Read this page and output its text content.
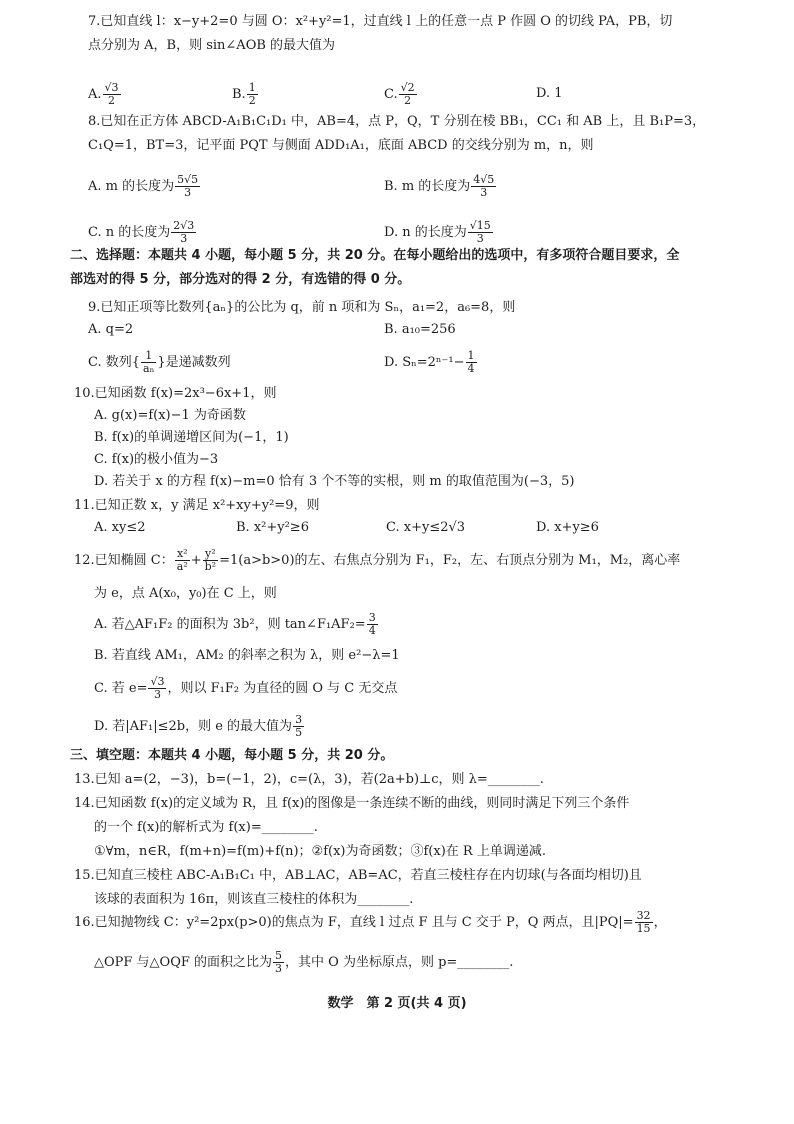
7.已知直线 l：x−y+2=0 与圆 O：x²+y²=1，过直线 l 上的任意一点 P 作圆 O 的切线 PA，PB，切
点分别为 A，B，则 sin∠AOB 的最大值为
A. $\frac{√3}{2}$	B. $\frac{1}{2}$	C. $\frac{√2}{2}$	D. 1
8.已知在正方体 ABCD-A₁B₁C₁D₁ 中，AB=4，点 P，Q，T 分别在棱 BB₁，CC₁ 和 AB 上，且 B₁P=3，
C₁Q=1，BT=3，记平面 PQT 与侧面 ADD₁A₁，底面 ABCD 的交线分别为 m，n，则
A. m 的长度为 $\frac{5√5}{3}$	B. m 的长度为 $\frac{4√5}{3}$
C. n 的长度为 $\frac{2√3}{3}$	D. n 的长度为 $\frac{√15}{3}$
二、选择题：本题共 4 小题，每小题 5 分，共 20 分。在每小题给出的选项中，有多项符合题目要求，全
部选对的得 5 分，部分选对的得 2 分，有选错的得 0 分。
9.已知正项等比数列{aₙ}的公比为 q，前 n 项和为 Sₙ，a₁=2，a₆=8，则
A. q=2	B. a₁₀=256
C. 数列{ $\frac{1}{\text{aₙ}}$ }是递减数列	D. $S_n=2^{n-1}- \frac{1}{4}$
10.已知函数 f(x)=2x³−6x+1，则
A. g(x)=f(x)−1 为奇函数
B. f(x)的单调递增区间为(−1，1)
C. f(x)的极小值为−3
D. 若关于 x 的方程 f(x)−m=0 恰有 3 个不等的实根，则 m 的取值范围为(−3，5)
11.已知正数 x，y 满足 x²+xy+y²=9，则
A. xy≤2	B. x²+y²≥6	C. x+y≤2√3	D. x+y≥6
12.已知椭圆 C： $\frac{\text{x²}}{\text{a²}} + \frac{\text{y²}}{\text{b²}} =1(a>b>0)$的左、右焦点分别为 F₁，F₂，左、右顶点分别为 M₁，M₂，离心率
为 e，点 A(x₀，y₀)在 C 上，则
A. 若△AF₁F₂ 的面积为 3b²，则 tan∠F₁AF₂= $\frac{3}{4}$
B. 若直线 AM₁，AM₂ 的斜率之积为 λ，则 e²−λ=1
C. 若 $e= \frac{√3}{3}$ ，则以 F₁F₂ 为直径的圆 O 与 C 无交点
D. 若|AF₁|≤2b，则 e 的最大值为 $\frac{3}{5}$
三、填空题：本题共 4 小题，每小题 5 分，共 20 分。
13.已知 a=(2，−3)，b=(−1，2)，c=(λ，3)，若(2a+b)⊥c，则 λ=________.
14.已知函数 f(x)的定义域为 R，且 f(x)的图像是一条连续不断的曲线，则同时满足下列三个条件
的一个 f(x)的解析式为 f(x)=________.
①∀m，n∈R，f(m+n)=f(m)+f(n)；②f(x)为奇函数；③f(x)在 R 上单调递减.
15.已知直三棱柱 ABC-A₁B₁C₁ 中，AB⊥AC，AB=AC，若直三棱柱存在内切球(与各面均相切)且
该球的表面积为 16π，则该直三棱柱的体积为________.
16.已知抛物线 C：y²=2px(p>0)的焦点为 F，直线 l 过点 F 且与 C 交于 P，Q 两点，且$|PQ|= \frac{32}{15}$ ，
△OPF 与△OQF 的面积之比为 $\frac{5}{3}$ ，其中 O 为坐标原点，则 p=________.
数学　第 2 页(共 4 页)
